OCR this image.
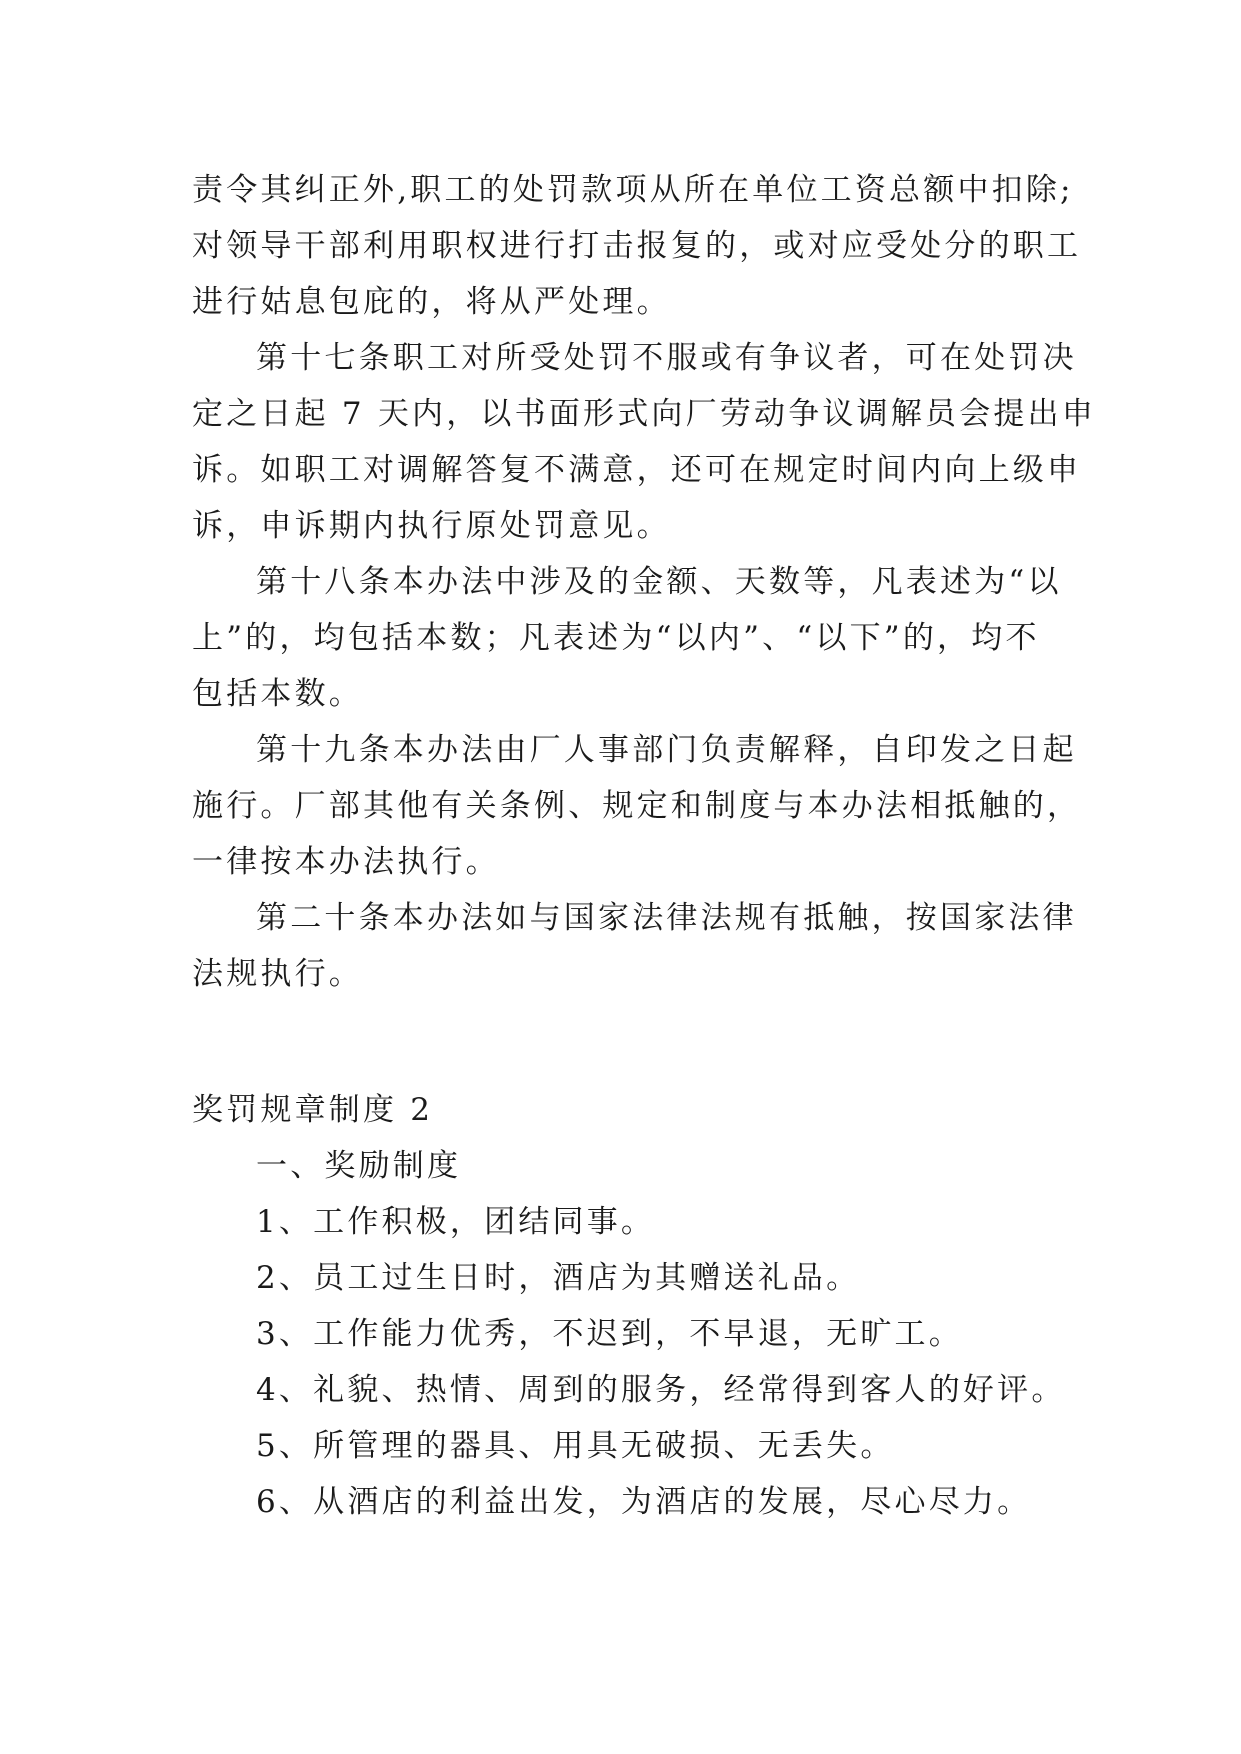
责令其纠正外,职工的处罚款项从所在单位工资总额中扣除;

对领导干部利用职权进行打击报复的，或对应受处分的职工

进行姑息包庇的，将从严处理。

第十七条职工对所受处罚不服或有争议者，可在处罚决

定之日起 7 天内，以书面形式向厂劳动争议调解员会提出申

诉。如职工对调解答复不满意，还可在规定时间内向上级申

诉，申诉期内执行原处罚意见。

第十八条本办法中涉及的金额、天数等，凡表述为“以

上”的，均包括本数；凡表述为“以内”、“以下”的，均不

包括本数。

第十九条本办法由厂人事部门负责解释，自印发之日起

施行。厂部其他有关条例、规定和制度与本办法相抵触的，

一律按本办法执行。

第二十条本办法如与国家法律法规有抵触，按国家法律

法规执行。

奖罚规章制度 2

一、奖励制度

1、工作积极，团结同事。

2、员工过生日时，酒店为其赠送礼品。

3、工作能力优秀，不迟到，不早退，无旷工。

4、礼貌、热情、周到的服务，经常得到客人的好评。

5、所管理的器具、用具无破损、无丢失。

6、从酒店的利益出发，为酒店的发展，尽心尽力。
